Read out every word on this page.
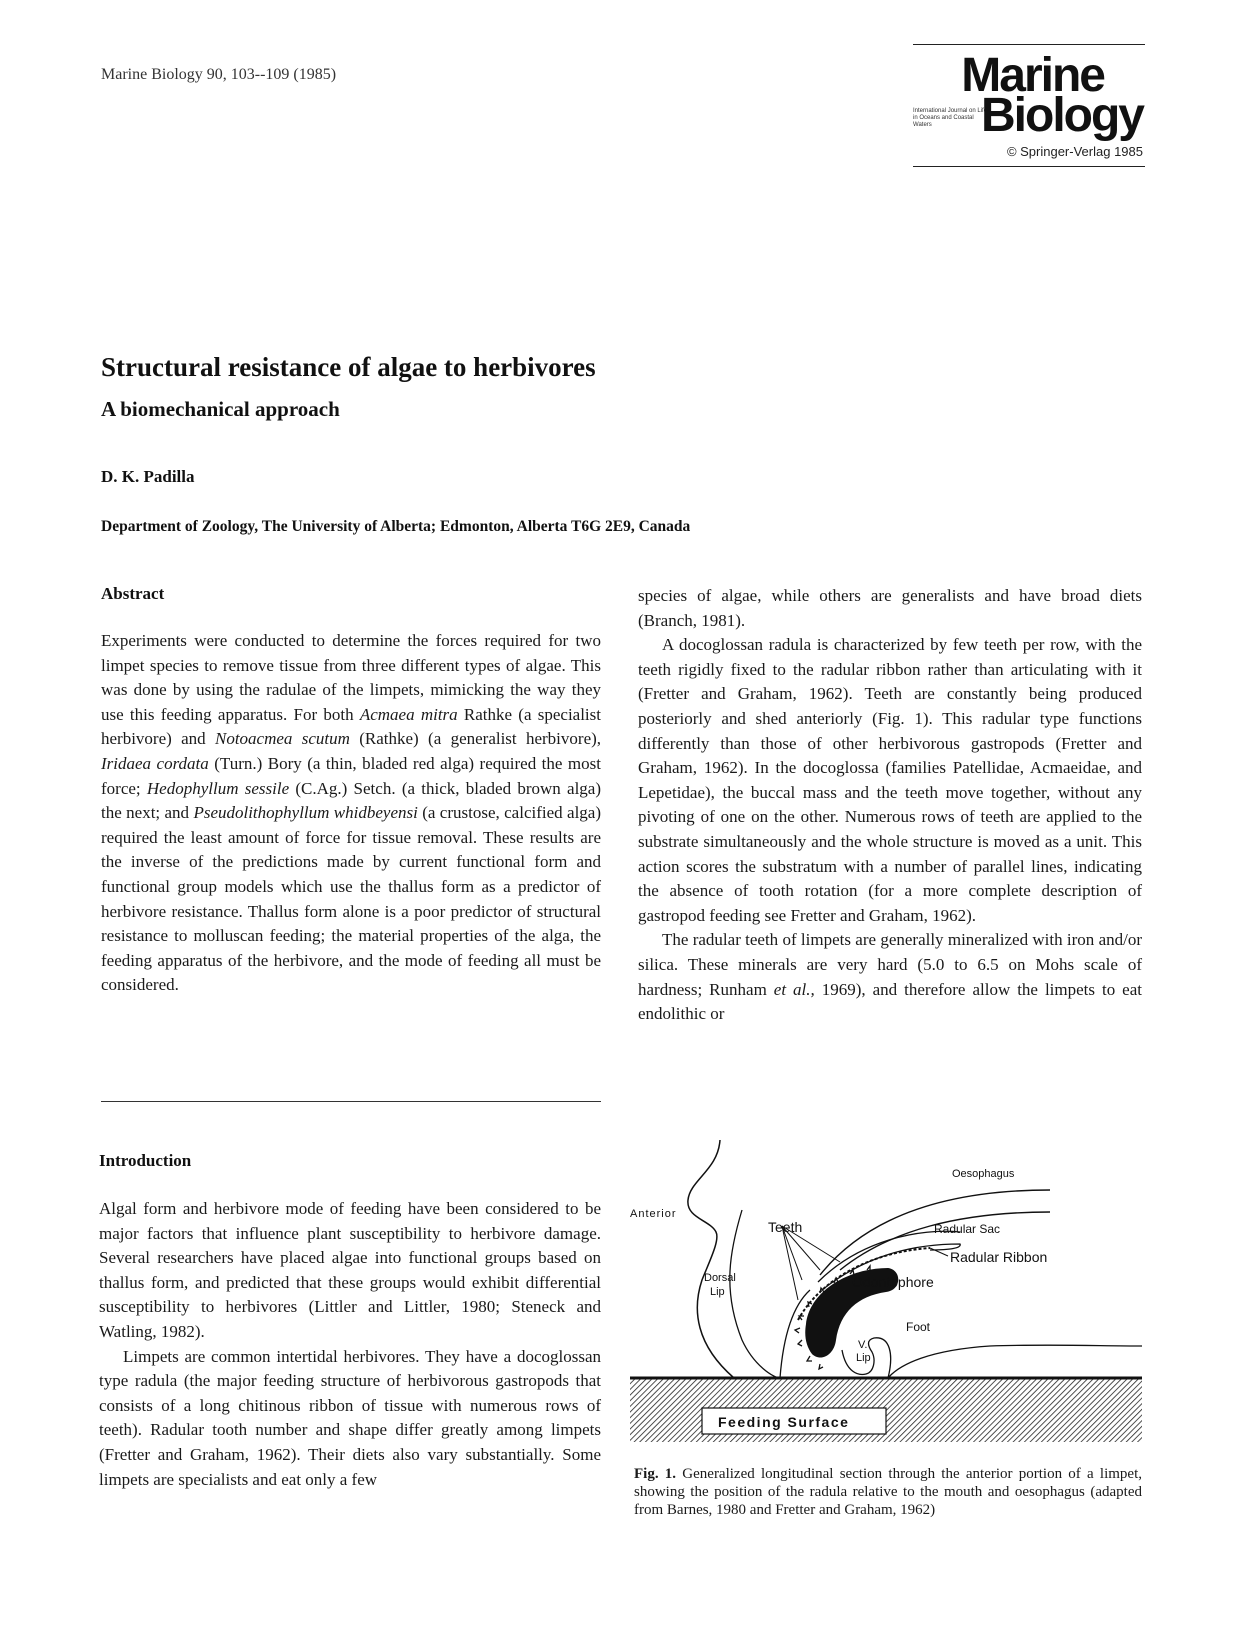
Marine Biology 90, 103--109 (1985)	Marine
International Journal on Life in Oceans and Coastal Waters	Biology
© Springer-Verlag 1985
Structural resistance of algae to herbivores
A biomechanical approach
D. K. Padilla
Department of Zoology, The University of Alberta; Edmonton, Alberta T6G 2E9, Canada
Abstract

Experiments were conducted to determine the forces required for two limpet species to remove tissue from three different types of algae. This was done by using the radulae of the limpets, mimicking the way they use this feeding apparatus. For both Acmaea mitra Rathke (a specialist herbivore) and Notoacmea scutum (Rathke) (a generalist herbivore), Iridaea cordata (Turn.) Bory (a thin, bladed red alga) required the most force; Hedophyllum sessile (C.Ag.) Setch. (a thick, bladed brown alga) the next; and Pseudolithophyllum whidbeyensi (a crustose, calcified alga) required the least amount of force for tissue removal. These results are the inverse of the predictions made by current functional form and functional group models which use the thallus form as a predictor of herbivore resistance. Thallus form alone is a poor predictor of structural resistance to molluscan feeding; the material properties of the alga, the feeding apparatus of the herbivore, and the mode of feeding all must be considered.

Introduction

Algal form and herbivore mode of feeding have been considered to be major factors that influence plant susceptibility to herbivore damage. Several researchers have placed algae into functional groups based on thallus form, and predicted that these groups would exhibit differential susceptibility to herbivores (Littler and Littler, 1980; Steneck and Watling, 1982).

Limpets are common intertidal herbivores. They have a docoglossan type radula (the major feeding structure of herbivorous gastropods that consists of a long chitinous ribbon of tissue with numerous rows of teeth). Radular tooth number and shape differ greatly among limpets (Fretter and Graham, 1962). Their diets also vary substantially. Some limpets are specialists and eat only a few

species of algae, while others are generalists and have broad diets (Branch, 1981).

A docoglossan radula is characterized by few teeth per row, with the teeth rigidly fixed to the radular ribbon rather than articulating with it (Fretter and Graham, 1962). Teeth are constantly being produced posteriorly and shed anteriorly (Fig. 1). This radular type functions differently than those of other herbivorous gastropods (Fretter and Graham, 1962). In the docoglossa (families Patellidae, Acmaeidae, and Lepetidae), the buccal mass and the teeth move together, without any pivoting of one on the other. Numerous rows of teeth are applied to the substrate simultaneously and the whole structure is moved as a unit. This action scores the substratum with a number of parallel lines, indicating the absence of tooth rotation (for a more complete description of gastropod feeding see Fretter and Graham, 1962).

The radular teeth of limpets are generally mineralized with iron and/or silica. These minerals are very hard (5.0 to 6.5 on Mohs scale of hardness; Runham et al., 1969), and therefore allow the limpets to eat endolithic or

Feeding Surface
Oesophagus
Anterior
Teeth	Radular Sac
Radular Ribbon
Dorsal
Lip
Odontophore
V.
Lip
Foot
Fig. 1. Generalized longitudinal section through the anterior portion of a limpet, showing the position of the radula relative to the mouth and oesophagus (adapted from Barnes, 1980 and Fretter and Graham, 1962)
